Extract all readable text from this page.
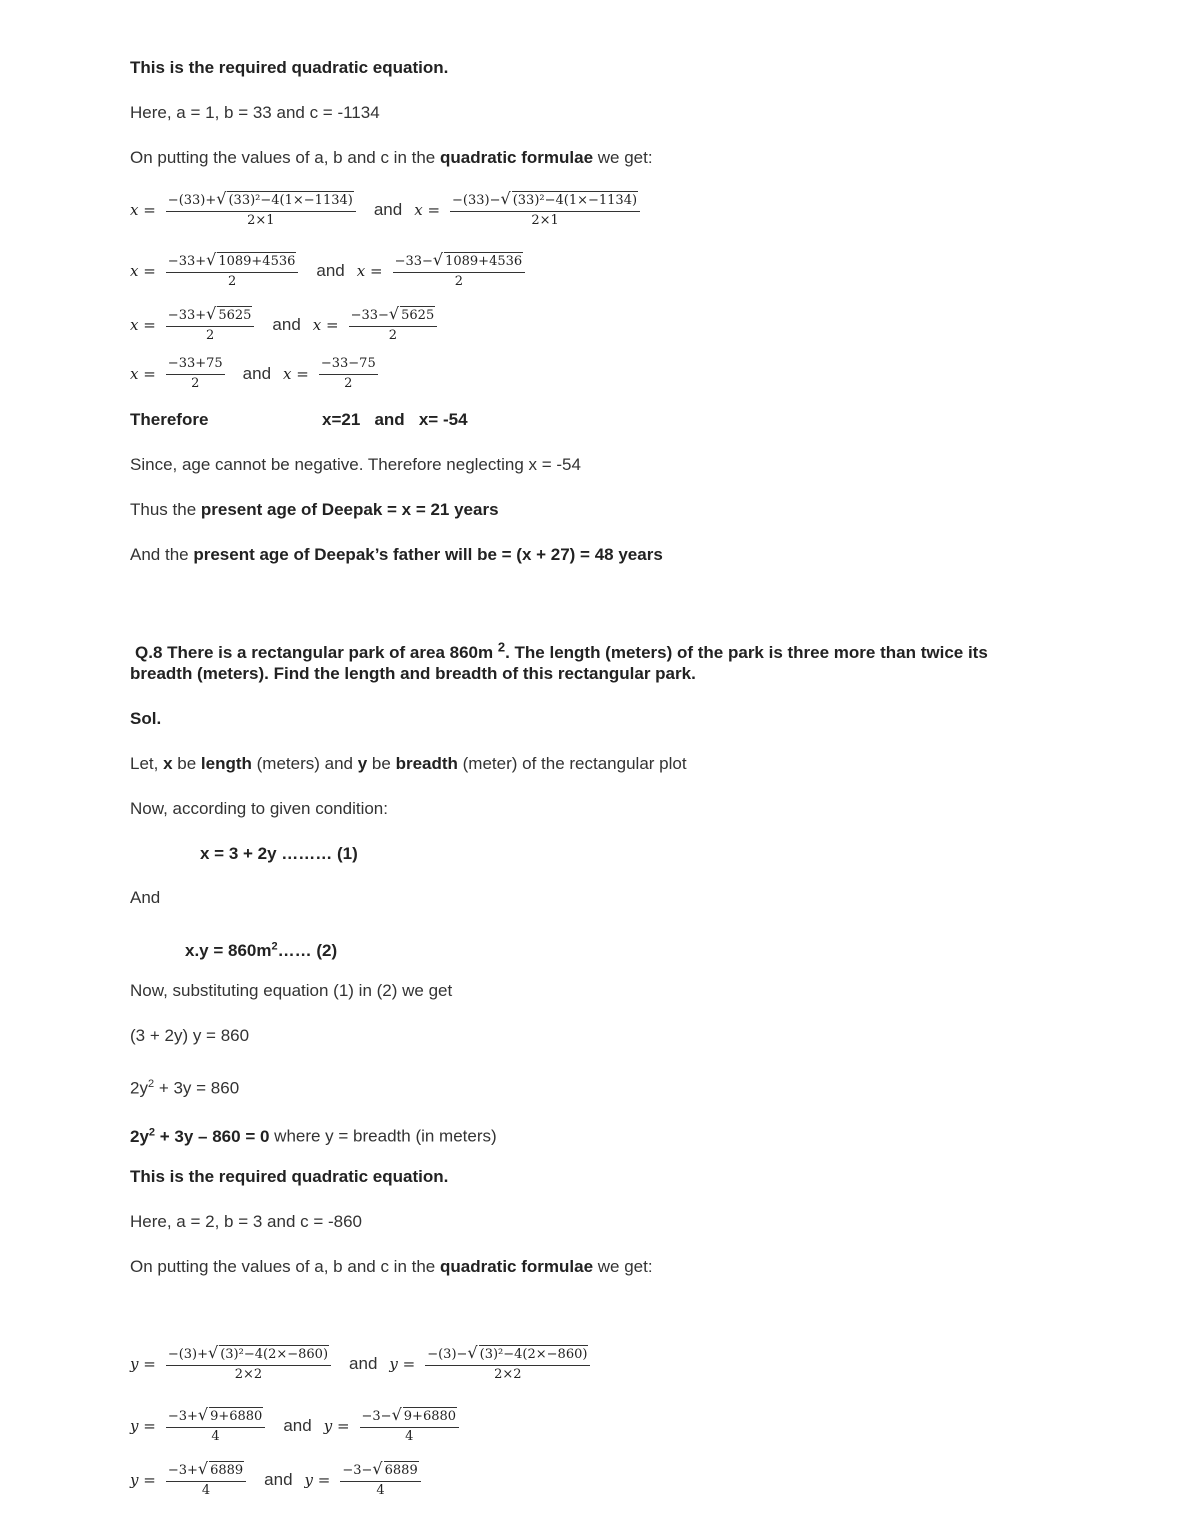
This is the required quadratic equation.
Here, a = 1, b = 33 and c = -1134
On putting the values of a, b and c in the quadratic formulae we get:
$x = \frac{\text{−(33)+√ (33)²−4(1×−1134)}}{2\times 1}$ and $x = \frac{\text{−(33)−√ (33)²−4(1×−1134)}}{2\times 1}$
$x = \frac{-33+√ 1089+4536}{2}$ and $x = \frac{-33-√ 1089+4536}{2}$
$x = \frac{-33+√ 5625}{2}$ and $x = \frac{-33-√ 5625}{2}$
$x = \frac{-33+75}{2}$ and $x = \frac{-33-75}{2}$
Therefore	x=21   and   x= -54
Since, age cannot be negative. Therefore neglecting x = -54
Thus the present age of Deepak = x = 21 years
And the present age of Deepak’s father will be = (x + 27) = 48 years
Q.8 There is a rectangular park of area 860m $^2$. The length (meters) of the park is three more than twice its
breadth (meters). Find the length and breadth of this rectangular park.
Sol.
Let, x be length (meters) and y be breadth (meter) of the rectangular plot
Now, according to given condition:
x = 3 + 2y ……… (1)
And
$x.y = 860m^2\dots\dots$ (2)
Now, substituting equation (1) in (2) we get
(3 + 2y) y = 860
$2y^2 + 3y = 860$
$2y^2 + 3y - 860 = 0$ where y = breadth (in meters)
This is the required quadratic equation.
Here, a = 2, b = 3 and c = -860
On putting the values of a, b and c in the quadratic formulae we get:
$y = \frac{\text{−(3)+√ (3)²−4(2×−860)}}{2\times 2}$ and $y = \frac{\text{−(3)−√ (3)²−4(2×−860)}}{2\times 2}$
$y = \frac{-3+√ 9+6880}{4}$ and $y = \frac{-3-√ 9+6880}{4}$
$y = \frac{-3+√ 6889}{4}$ and $y = \frac{-3-√ 6889}{4}$
